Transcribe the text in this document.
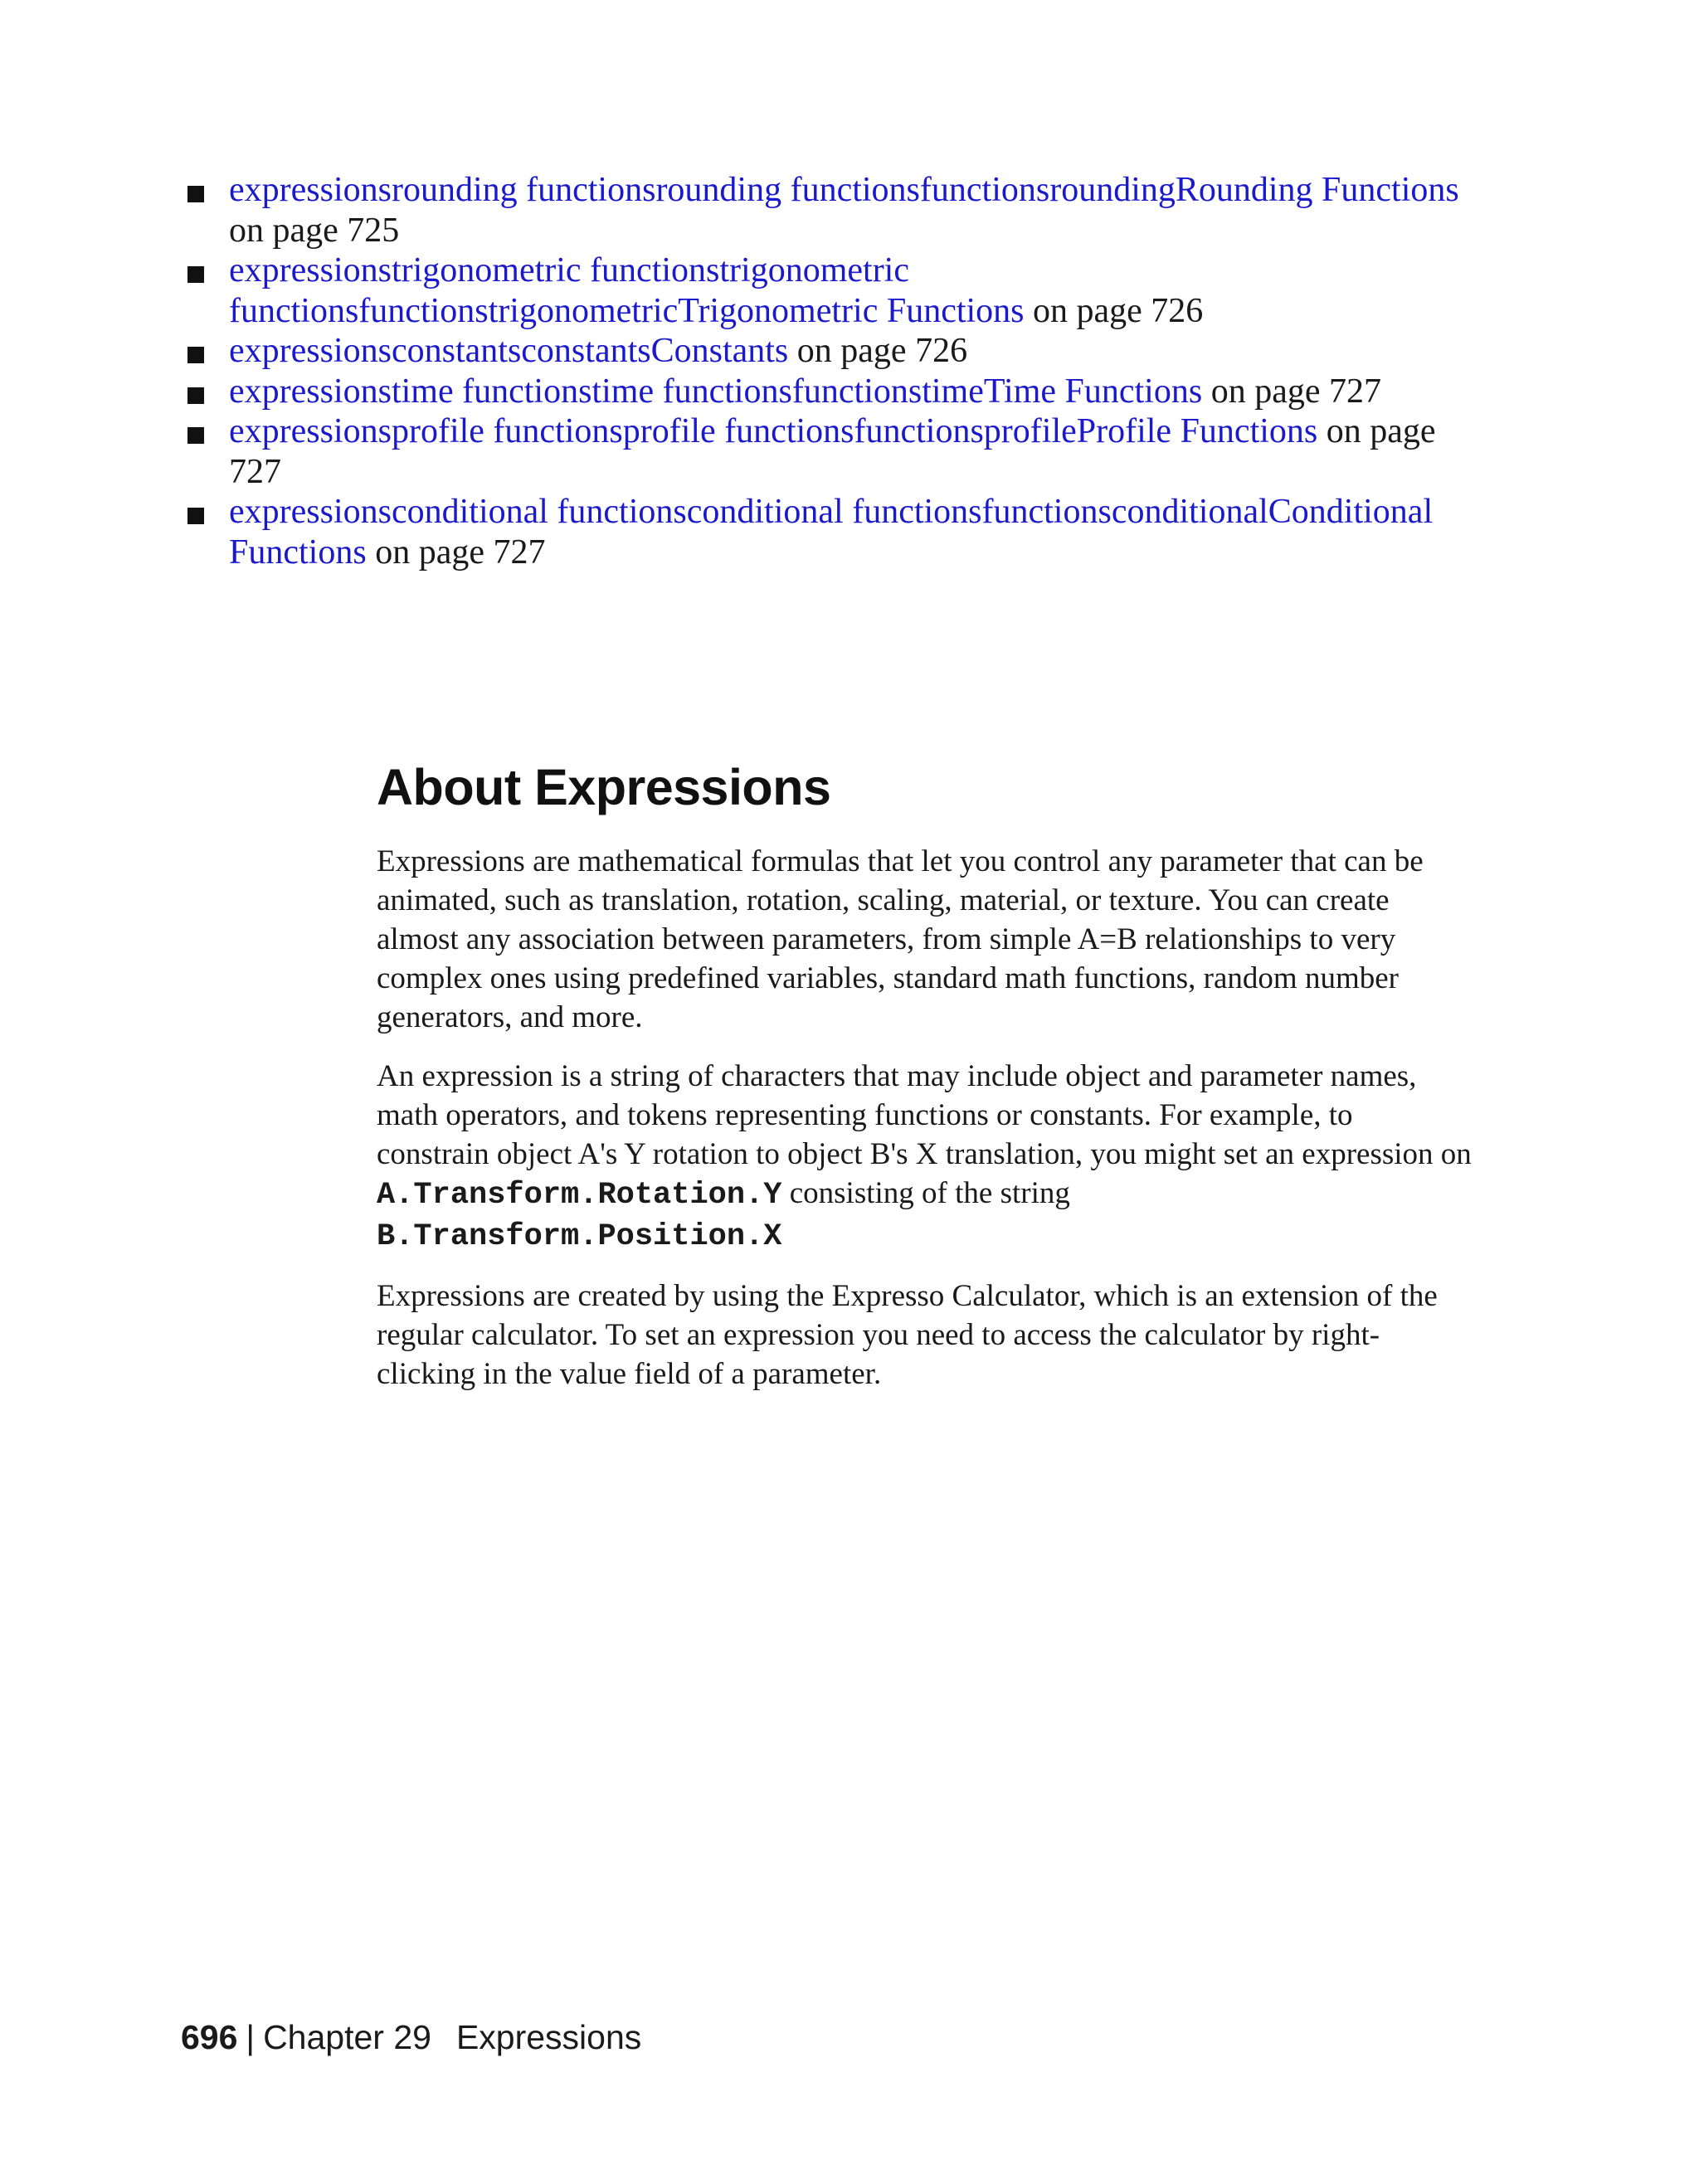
expressionsrounding functionsrounding functionsfunctionsroundingRounding Functions on page 725
expressionstrigonometric functionstrigonometric functionsfunctionstrigonometricTrigonometric Functions on page 726
expressionsconstantsconstantsConstants on page 726
expressionstime functionstime functionsfunctionstimeTime Functions on page 727
expressionsprofile functionsprofile functionsfunctionsprofileProfile Functions on page 727
expressionsconditional functionsconditional functionsfunctionsconditionalConditional Functions on page 727
About Expressions

Expressions are mathematical formulas that let you control any parameter that can be animated, such as translation, rotation, scaling, material, or texture. You can create almost any association between parameters, from simple A=B relationships to very complex ones using predefined variables, standard math functions, random number generators, and more.

An expression is a string of characters that may include object and parameter names, math operators, and tokens representing functions or constants. For example, to constrain object A's Y rotation to object B's X translation, you might set an expression on A.Transform.Rotation.Y consisting of the string B.Transform.Position.X

Expressions are created by using the Expresso Calculator, which is an extension of the regular calculator. To set an expression you need to access the calculator by right-clicking in the value field of a parameter.

696 | Chapter 29 Expressions
